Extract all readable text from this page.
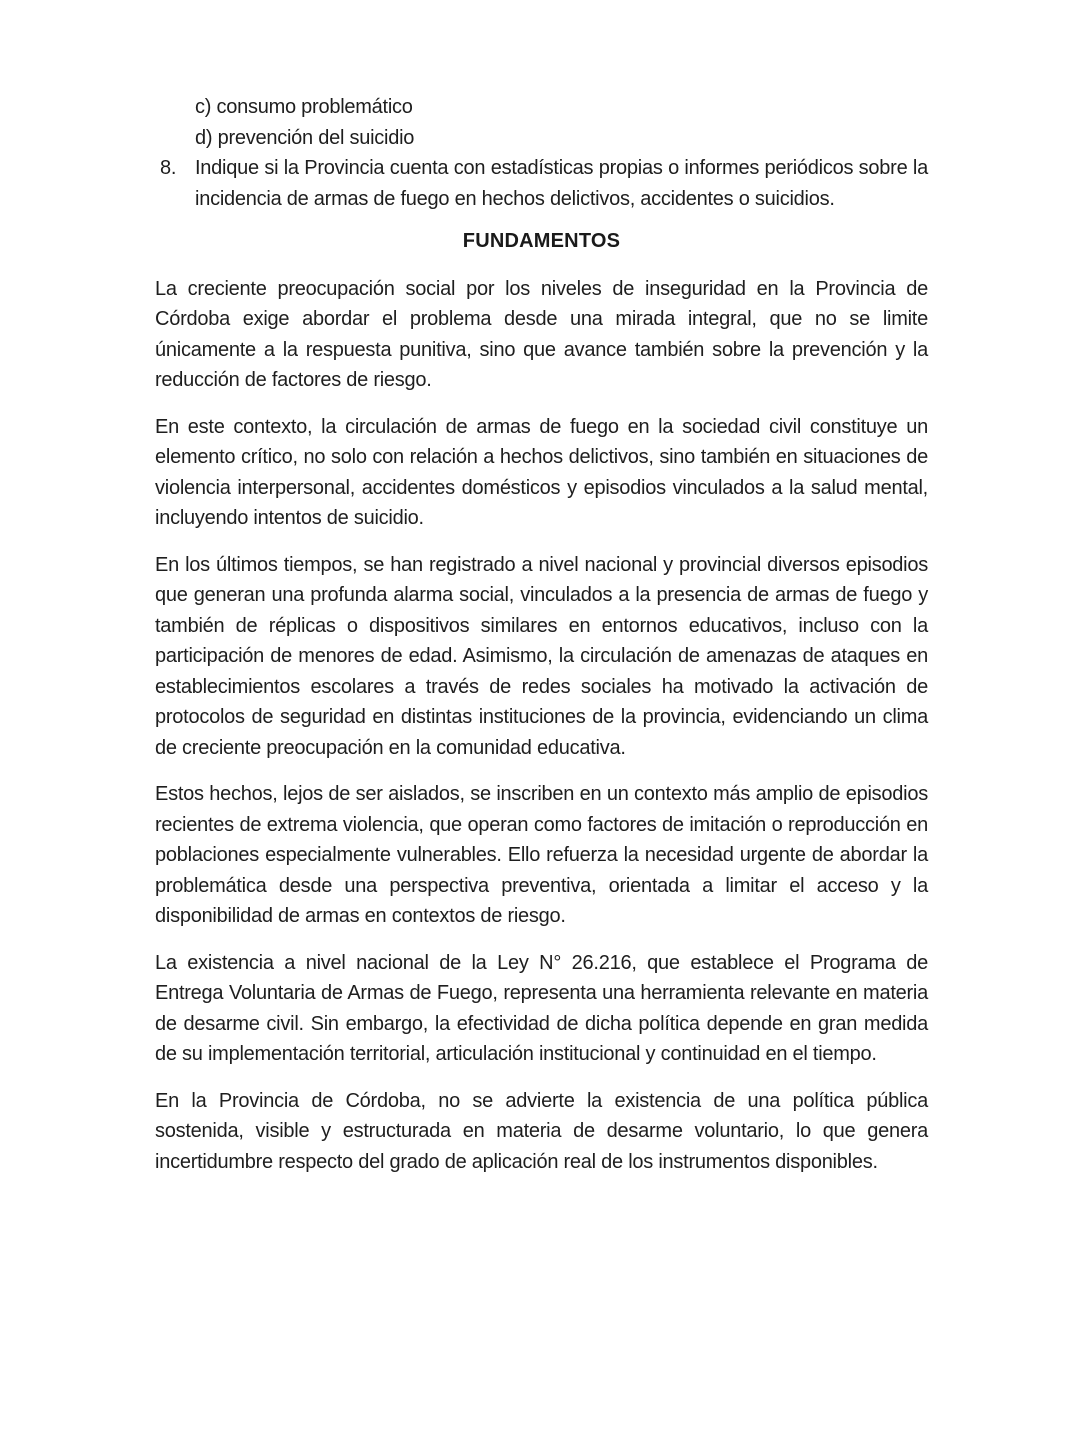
c) consumo problemático

d) prevención del suicidio

8. Indique si la Provincia cuenta con estadísticas propias o informes periódicos sobre la incidencia de armas de fuego en hechos delictivos, accidentes o suicidios.

FUNDAMENTOS

La creciente preocupación social por los niveles de inseguridad en la Provincia de Córdoba exige abordar el problema desde una mirada integral, que no se limite únicamente a la respuesta punitiva, sino que avance también sobre la prevención y la reducción de factores de riesgo.

En este contexto, la circulación de armas de fuego en la sociedad civil constituye un elemento crítico, no solo con relación a hechos delictivos, sino también en situaciones de violencia interpersonal, accidentes domésticos y episodios vinculados a la salud mental, incluyendo intentos de suicidio.

En los últimos tiempos, se han registrado a nivel nacional y provincial diversos episodios que generan una profunda alarma social, vinculados a la presencia de armas de fuego y también de réplicas o dispositivos similares en entornos educativos, incluso con la participación de menores de edad. Asimismo, la circulación de amenazas de ataques en establecimientos escolares a través de redes sociales ha motivado la activación de protocolos de seguridad en distintas instituciones de la provincia, evidenciando un clima de creciente preocupación en la comunidad educativa.

Estos hechos, lejos de ser aislados, se inscriben en un contexto más amplio de episodios recientes de extrema violencia, que operan como factores de imitación o reproducción en poblaciones especialmente vulnerables. Ello refuerza la necesidad urgente de abordar la problemática desde una perspectiva preventiva, orientada a limitar el acceso y la disponibilidad de armas en contextos de riesgo.

La existencia a nivel nacional de la Ley N° 26.216, que establece el Programa de Entrega Voluntaria de Armas de Fuego, representa una herramienta relevante en materia de desarme civil. Sin embargo, la efectividad de dicha política depende en gran medida de su implementación territorial, articulación institucional y continuidad en el tiempo.

En la Provincia de Córdoba, no se advierte la existencia de una política pública sostenida, visible y estructurada en materia de desarme voluntario, lo que genera incertidumbre respecto del grado de aplicación real de los instrumentos disponibles.
